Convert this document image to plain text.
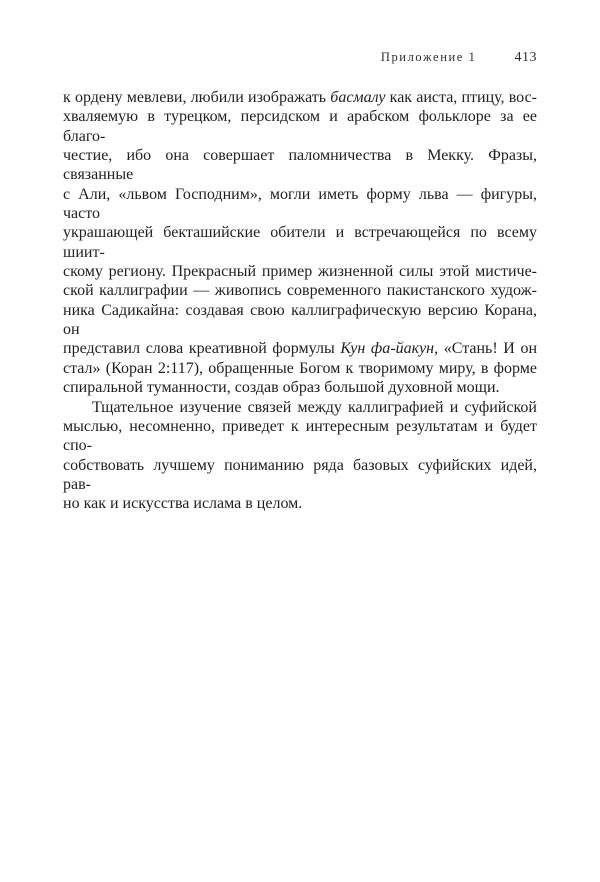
Приложение 1	413
к ордену мевлеви, любили изображать басмалу как аиста, птицу, вос-
хваляемую в турецком, персидском и арабском фольклоре за ее благо-
честие, ибо она совершает паломничества в Мекку. Фразы, связанные
с Али, «львом Господним», могли иметь форму льва — фигуры, часто
украшающей бекташийские обители и встречающейся по всему шиит-
скому региону. Прекрасный пример жизненной силы этой мистиче-
ской каллиграфии — живопись современного пакистанского худож-
ника Садикайна: создавая свою каллиграфическую версию Корана, он
представил слова креативной формулы Кун фа-йакун, «Стань! И он
стал» (Коран 2:117), обращенные Богом к творимому миру, в форме
спиральной туманности, создав образ большой духовной мощи.
Тщательное изучение связей между каллиграфией и суфийской
мыслью, несомненно, приведет к интересным результатам и будет спо-
собствовать лучшему пониманию ряда базовых суфийских идей, рав-
но как и искусства ислама в целом.
